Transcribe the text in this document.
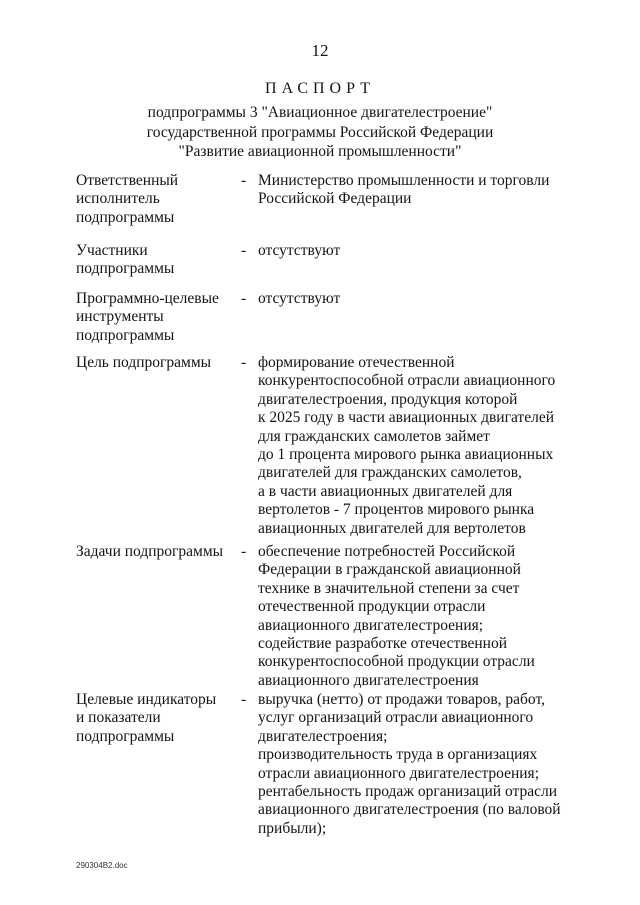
12
ПАСПОРТ
подпрограммы 3 "Авиационное двигателестроение"
государственной программы Российской Федерации
"Развитие авиационной промышленности"
Ответственный
исполнитель
подпрограммы
- Министерство промышленности и торговли
Российской Федерации
Участники
подпрограммы
- отсутствуют
Программно-целевые
инструменты
подпрограммы
- отсутствуют
Цель подпрограммы - формирование отечественной
конкурентоспособной отрасли авиационного
двигателестроения, продукция которой
к 2025 году в части авиационных двигателей
для гражданских самолетов займет
до 1 процента мирового рынка авиационных
двигателей для гражданских самолетов,
а в части авиационных двигателей для
вертолетов - 7 процентов мирового рынка
авиационных двигателей для вертолетов
Задачи подпрограммы - обеспечение потребностей Российской
Федерации в гражданской авиационной
технике в значительной степени за счет
отечественной продукции отрасли
авиационного двигателестроения;
содействие разработке отечественной
конкурентоспособной продукции отрасли
авиационного двигателестроения
Целевые индикаторы
и показатели
подпрограммы
- выручка (нетто) от продажи товаров, работ,
услуг организаций отрасли авиационного
двигателестроения;
производительность труда в организациях
отрасли авиационного двигателестроения;
рентабельность продаж организаций отрасли
авиационного двигателестроения (по валовой
прибыли);
290304B2.doc
